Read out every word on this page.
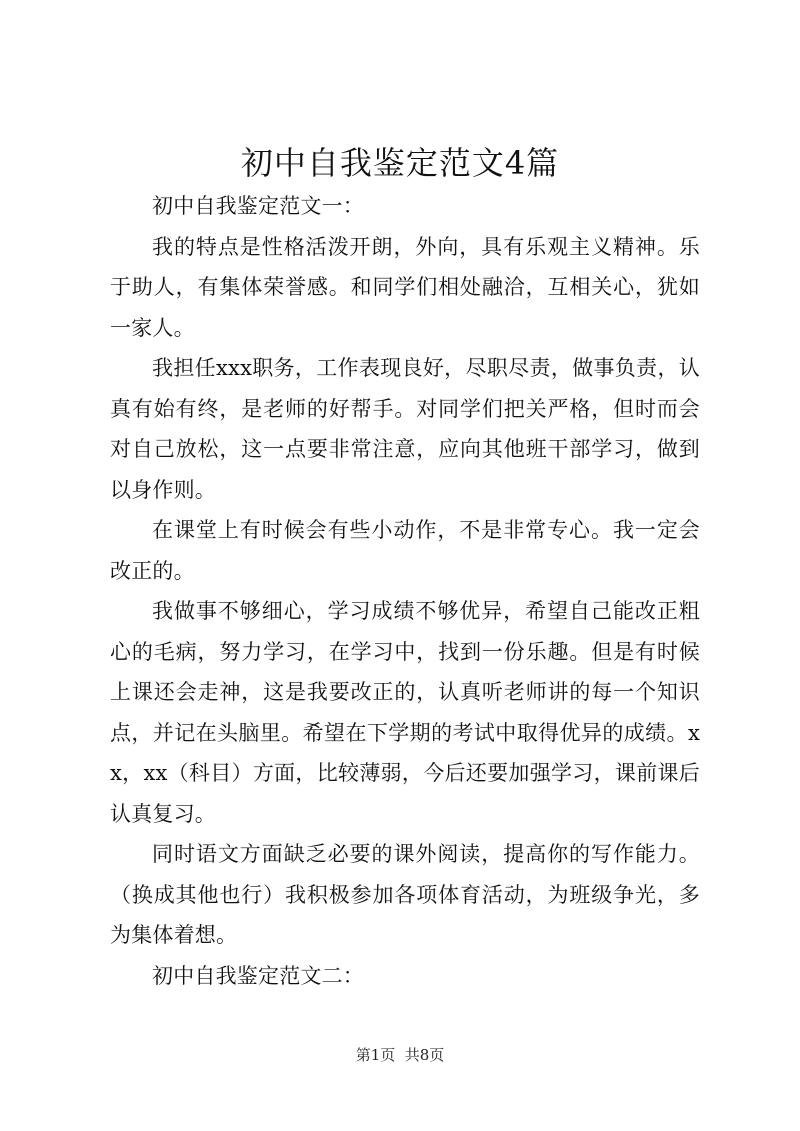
初中自我鉴定范文4篇

初中自我鉴定范文一：

我的特点是性格活泼开朗，外向，具有乐观主义精神。乐于助人，有集体荣誉感。和同学们相处融洽，互相关心，犹如一家人。

我担任xxx职务，工作表现良好，尽职尽责，做事负责，认真有始有终，是老师的好帮手。对同学们把关严格，但时而会对自己放松，这一点要非常注意，应向其他班干部学习，做到以身作则。

在课堂上有时候会有些小动作，不是非常专心。我一定会改正的。

我做事不够细心，学习成绩不够优异，希望自己能改正粗心的毛病，努力学习，在学习中，找到一份乐趣。但是有时候上课还会走神，这是我要改正的，认真听老师讲的每一个知识点，并记在头脑里。希望在下学期的考试中取得优异的成绩。xx，xx（科目）方面，比较薄弱，今后还要加强学习，课前课后认真复习。

同时语文方面缺乏必要的课外阅读，提高你的写作能力。（换成其他也行）我积极参加各项体育活动，为班级争光，多为集体着想。

初中自我鉴定范文二：

第1页  共8页
